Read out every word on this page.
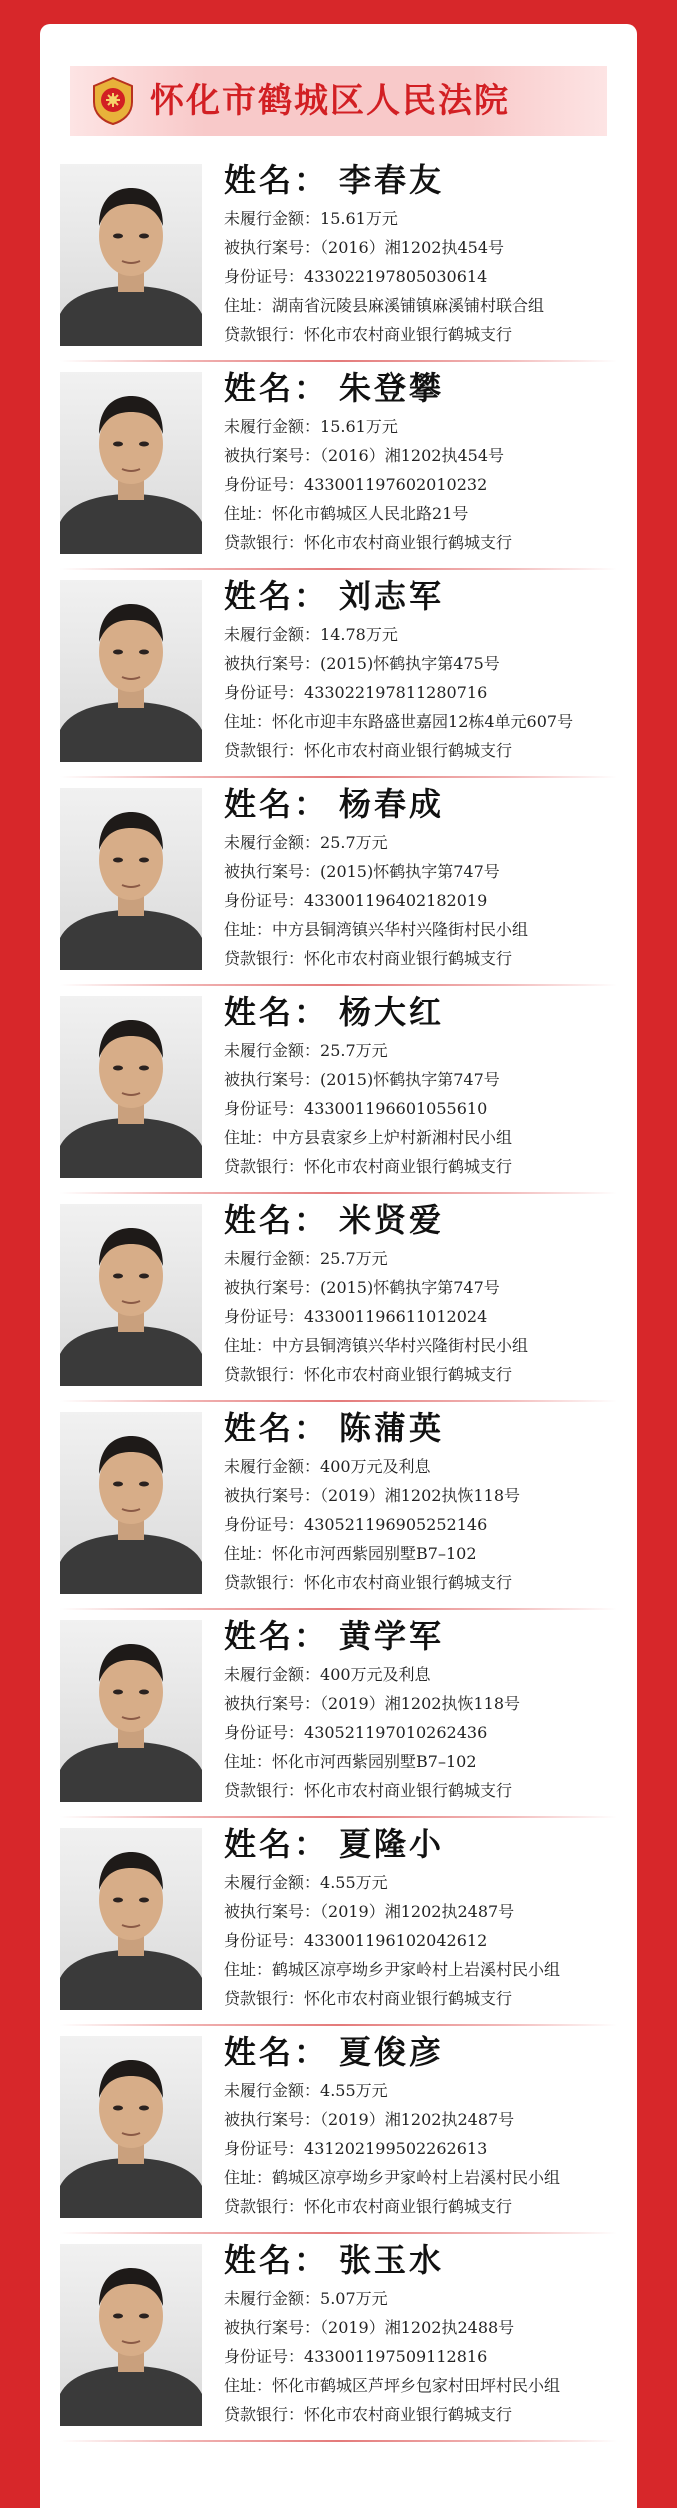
怀化市鹤城区人民法院
姓名： 李春友
未履行金额：15.61万元
被执行案号：（2016）湘1202执454号
身份证号：433022197805030614
住址：湖南省沅陵县麻溪铺镇麻溪铺村联合组
贷款银行：怀化市农村商业银行鹤城支行
姓名： 朱登攀
未履行金额：15.61万元
被执行案号：（2016）湘1202执454号
身份证号：433001197602010232
住址：怀化市鹤城区人民北路21号
贷款银行：怀化市农村商业银行鹤城支行
姓名： 刘志军
未履行金额：14.78万元
被执行案号：(2015)怀鹤执字第475号
身份证号：433022197811280716
住址：怀化市迎丰东路盛世嘉园12栋4单元607号
贷款银行：怀化市农村商业银行鹤城支行
姓名： 杨春成
未履行金额：25.7万元
被执行案号：(2015)怀鹤执字第747号
身份证号：433001196402182019
住址：中方县铜湾镇兴华村兴隆街村民小组
贷款银行：怀化市农村商业银行鹤城支行
姓名： 杨大红
未履行金额：25.7万元
被执行案号：(2015)怀鹤执字第747号
身份证号：433001196601055610
住址：中方县袁家乡上炉村新湘村民小组
贷款银行：怀化市农村商业银行鹤城支行
姓名： 米贤爱
未履行金额：25.7万元
被执行案号：(2015)怀鹤执字第747号
身份证号：433001196611012024
住址：中方县铜湾镇兴华村兴隆街村民小组
贷款银行：怀化市农村商业银行鹤城支行
姓名： 陈蒲英
未履行金额：400万元及利息
被执行案号：（2019）湘1202执恢118号
身份证号：430521196905252146
住址：怀化市河西紫园别墅B7–102
贷款银行：怀化市农村商业银行鹤城支行
姓名： 黄学军
未履行金额：400万元及利息
被执行案号：（2019）湘1202执恢118号
身份证号：430521197010262436
住址：怀化市河西紫园别墅B7–102
贷款银行：怀化市农村商业银行鹤城支行
姓名： 夏隆小
未履行金额：4.55万元
被执行案号：（2019）湘1202执2487号
身份证号：433001196102042612
住址：鹤城区凉亭坳乡尹家岭村上岩溪村民小组
贷款银行：怀化市农村商业银行鹤城支行
姓名： 夏俊彦
未履行金额：4.55万元
被执行案号：（2019）湘1202执2487号
身份证号：431202199502262613
住址：鹤城区凉亭坳乡尹家岭村上岩溪村民小组
贷款银行：怀化市农村商业银行鹤城支行
姓名： 张玉水
未履行金额：5.07万元
被执行案号：（2019）湘1202执2488号
身份证号：433001197509112816
住址：怀化市鹤城区芦坪乡包家村田坪村民小组
贷款银行：怀化市农村商业银行鹤城支行
